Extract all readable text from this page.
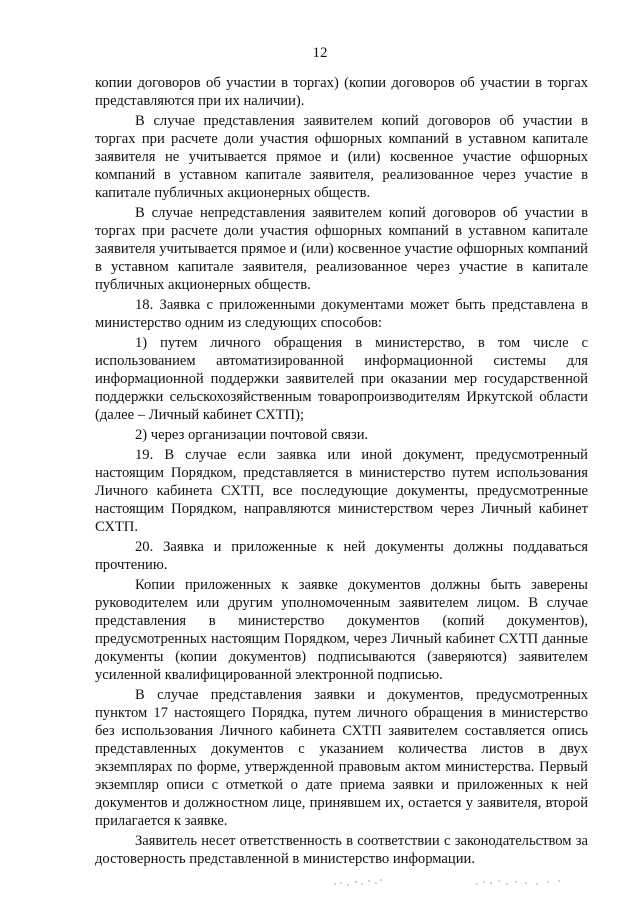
12

копии договоров об участии в торгах) (копии договоров об участии в торгах представляются при их наличии).

В случае представления заявителем копий договоров об участии в торгах при расчете доли участия офшорных компаний в уставном капитале заявителя не учитывается прямое и (или) косвенное участие офшорных компаний в уставном капитале заявителя, реализованное через участие в капитале публичных акционерных обществ.

В случае непредставления заявителем копий договоров об участии в торгах при расчете доли участия офшорных компаний в уставном капитале заявителя учитывается прямое и (или) косвенное участие офшорных компаний в уставном капитале заявителя, реализованное через участие в капитале публичных акционерных обществ.

18. Заявка с приложенными документами может быть представлена в министерство одним из следующих способов:

1) путем личного обращения в министерство, в том числе с использованием автоматизированной информационной системы для информационной поддержки заявителей при оказании мер государственной поддержки сельскохозяйственным товаропроизводителям Иркутской области (далее – Личный кабинет СХТП);

2) через организации почтовой связи.

19. В случае если заявка или иной документ, предусмотренный настоящим Порядком, представляется в министерство путем использования Личного кабинета СХТП, все последующие документы, предусмотренные настоящим Порядком, направляются министерством через Личный кабинет СХТП.

20. Заявка и приложенные к ней документы должны поддаваться прочтению.

Копии приложенных к заявке документов должны быть заверены руководителем или другим уполномоченным заявителем лицом. В случае представления в министерство документов (копий документов), предусмотренных настоящим Порядком, через Личный кабинет СХТП данные документы (копии документов) подписываются (заверяются) заявителем усиленной квалифицированной электронной подписью.

В случае представления заявки и документов, предусмотренных пунктом 17 настоящего Порядка, путем личного обращения в министерство без использования Личного кабинета СХТП заявителем составляется опись представленных документов с указанием количества листов в двух экземплярах по форме, утвержденной правовым актом министерства. Первый экземпляр описи с отметкой о дате приема заявки и приложенных к ней документов и должностном лице, принявшем их, остается у заявителя, второй прилагается к заявке.

Заявитель несет ответственность в соответствии с законодательством за достоверность представленной в министерство информации.
